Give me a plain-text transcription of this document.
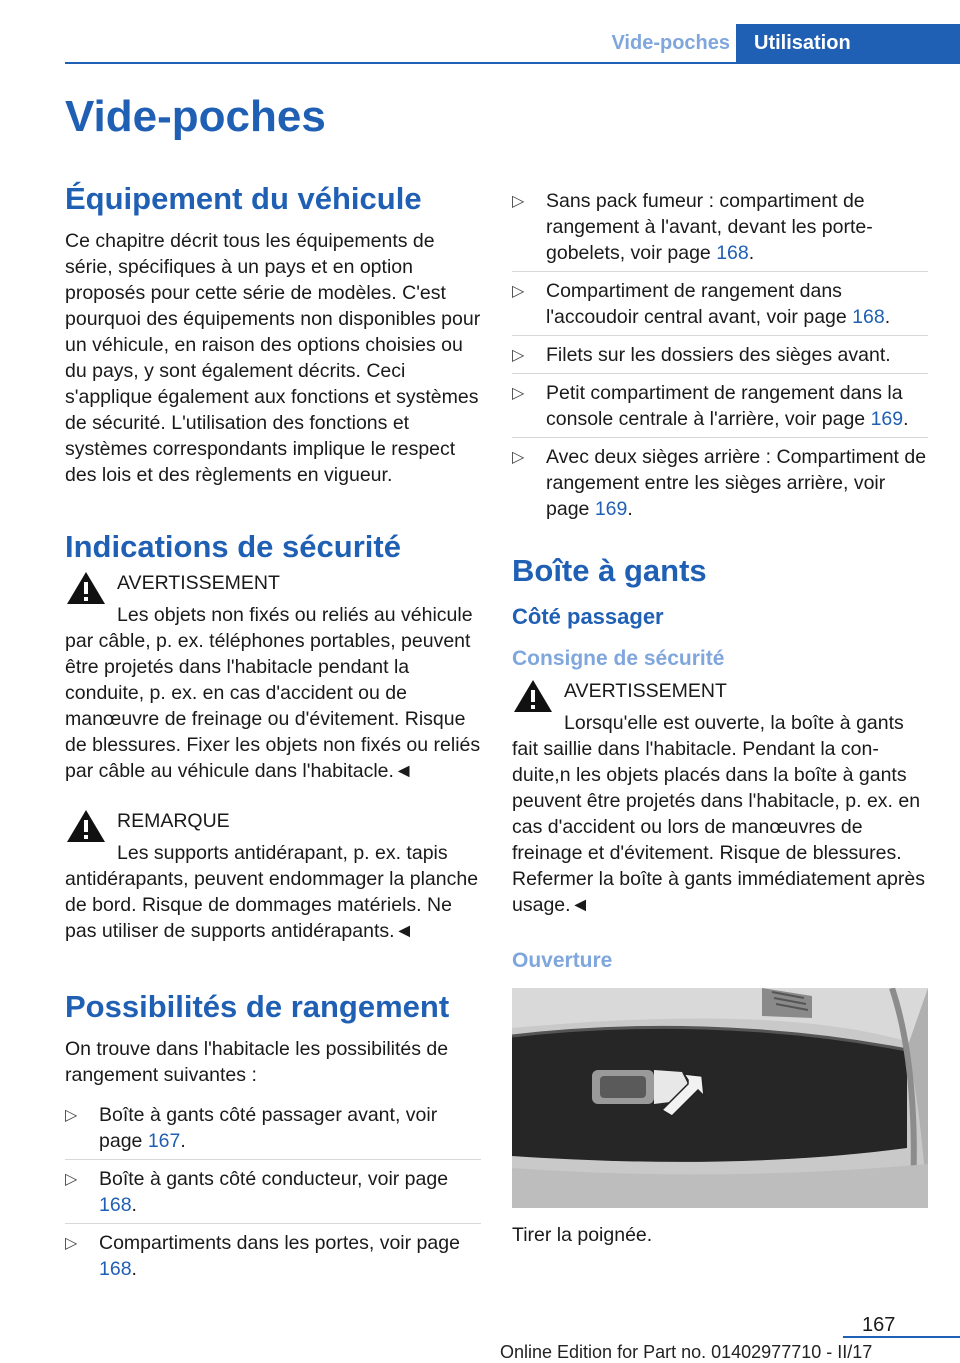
Vide-poches	Utilisation
Vide-poches
Équipement du véhicule

Ce chapitre décrit tous les équipements de série, spécifiques à un pays et en option proposés pour cette série de modèles. C'est pourquoi des équipements non disponibles pour un véhicule, en raison des options choisies ou du pays, y sont également décrits. Ceci s'applique également aux fonctions et systèmes de sécurité. L'utilisation des fonctions et systèmes correspondants implique le respect des lois et des règlements en vigueur.

Indications de sécurité
AVERTISSEMENT

Les objets non fixés ou reliés au véhicule par câble, p. ex. téléphones portables, peuvent être projetés dans l'habitacle pendant la conduite, p. ex. en cas d'accident ou de manœuvre de freinage ou d'évitement. Risque de blessures. Fixer les objets non fixés ou reliés par câble au véhicule dans l'habitacle.◄

REMARQUE

Les supports antidérapant, p. ex. tapis antidérapants, peuvent endommager la planche de bord. Risque de dommages matériels. Ne pas utiliser de supports antidérapants.◄

Possibilités de rangement

On trouve dans l'habitacle les possibilités de rangement suivantes :

▷ Boîte à gants côté passager avant, voir page 167.
▷ Boîte à gants côté conducteur, voir page 168.
▷ Compartiments dans les portes, voir page 168.
▷ Sans pack fumeur : compartiment de rangement à l'avant, devant les porte-gobelets, voir page 168.
▷ Compartiment de rangement dans l'accoudoir central avant, voir page 168.
▷ Filets sur les dossiers des sièges avant.
▷ Petit compartiment de rangement dans la console centrale à l'arrière, voir page 169.
▷ Avec deux sièges arrière : Compartiment de rangement entre les sièges arrière, voir page 169.
Boîte à gants
Côté passager
Consigne de sécurité
AVERTISSEMENT

Lorsqu'elle est ouverte, la boîte à gants fait saillie dans l'habitacle. Pendant la con-duite,n les objets placés dans la boîte à gants peuvent être projetés dans l'habitacle, p. ex. en cas d'accident ou lors de manœuvres de freinage et d'évitement. Risque de blessures. Refermer la boîte à gants immédiatement après usage.◄

Ouverture

Tirer la poignée.

167
Online Edition for Part no. 01402977710 - II/17
